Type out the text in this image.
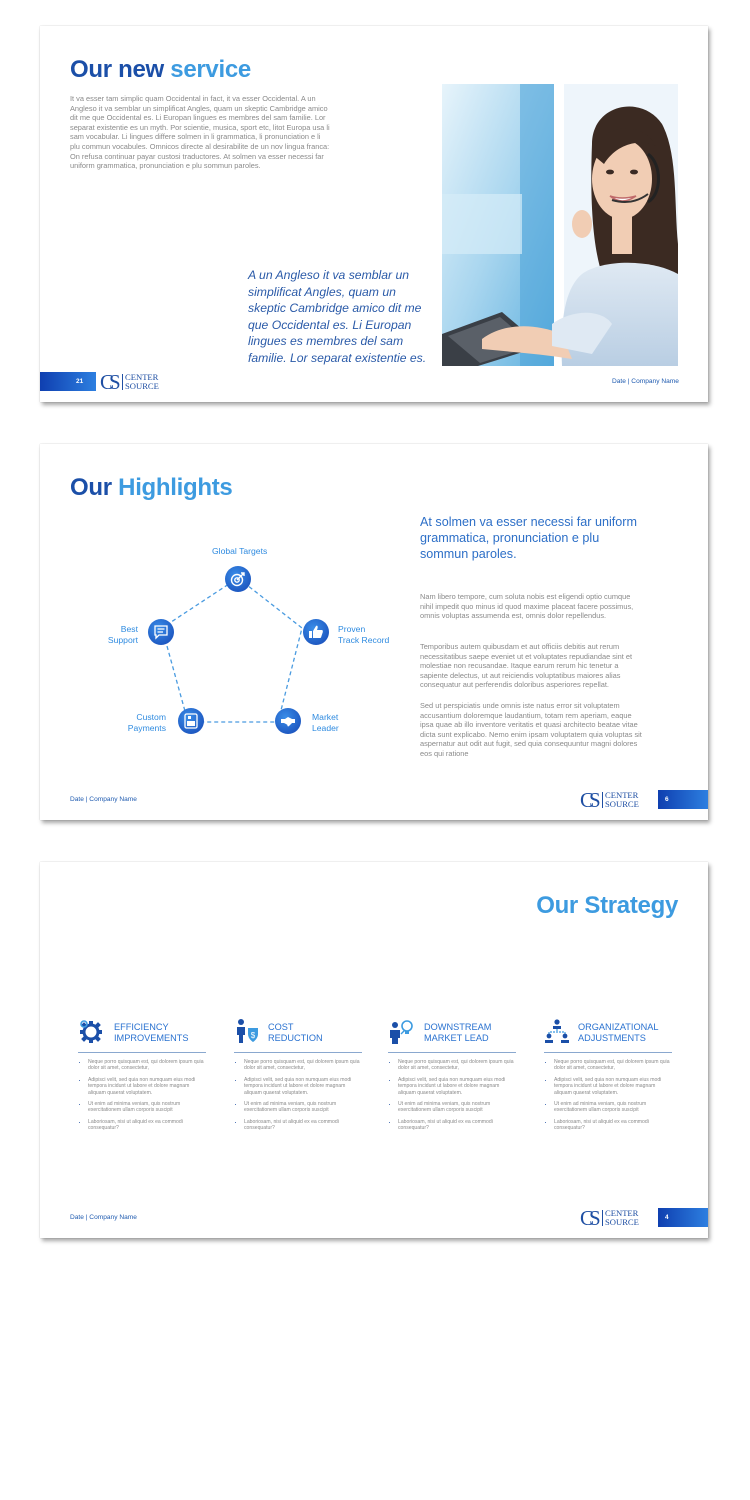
Our new service

It va esser tam simplic quam Occidental in fact, it va esser Occidental. A un Angleso it va semblar un simplificat Angles, quam un skeptic Cambridge amico dit me que Occidental es. Li Europan lingues es membres del sam familie. Lor separat existentie es un myth. Por scientie, musica, sport etc, litot Europa usa li sam vocabular. Li lingues differe solmen in li grammatica, li pronunciation e li plu commun vocabules. Omnicos directe al desirabilite de un nov lingua franca: On refusa continuar payar custosi traductores. At solmen va esser necessi far uniform grammatica, pronunciation e plu sommun paroles.

A un Angleso it va semblar un simplificat Angles, quam un skeptic Cambridge amico dit me que Occidental es. Li Europan lingues es membres del sam familie. Lor separat existentie es.

21 CS CENTER
SOURCE	Date | Company Name
Our Highlights
Global Targets
Proven
Track Record
Market
Leader
Custom
Payments
Best
Support

At solmen va esser necessi far uniform grammatica, pronunciation e plu sommun paroles.

Nam libero tempore, cum soluta nobis est eligendi optio cumque nihil impedit quo minus id quod maxime placeat facere possimus, omnis voluptas assumenda est, omnis dolor repellendus.

Temporibus autem quibusdam et aut officiis debitis aut rerum necessitatibus saepe eveniet ut et voluptates repudiandae sint et molestiae non recusandae. Itaque earum rerum hic tenetur a sapiente delectus, ut aut reiciendis voluptatibus maiores alias consequatur aut perferendis doloribus asperiores repellat.

Sed ut perspiciatis unde omnis iste natus error sit voluptatem accusantium doloremque laudantium, totam rem aperiam, eaque ipsa quae ab illo inventore veritatis et quasi architecto beatae vitae dicta sunt explicabo. Nemo enim ipsam voluptatem quia voluptas sit aspernatur aut odit aut fugit, sed quia consequuntur magni dolores eos qui ratione

Date | Company Name	CS CENTER
SOURCE	6
Our Strategy
EFFICIENCY
IMPROVEMENTS
• Neque porro quisquam est, qui dolorem ipsum quia dolor sit amet, consectetur,
• Adipisci velit, sed quia non numquam eius modi tempora incidunt ut labore et dolore magnam aliquam quaerat voluptatem.
• Ut enim ad minima veniam, quis nostrum exercitationem ullam corporis suscipit
• Laboriosam, nisi ut aliquid ex ea commodi consequatur?
$
COST
REDUCTION
• Neque porro quisquam est, qui dolorem ipsum quia dolor sit amet, consectetur,
• Adipisci velit, sed quia non numquam eius modi tempora incidunt ut labore et dolore magnam aliquam quaerat voluptatem.
• Ut enim ad minima veniam, quis nostrum exercitationem ullam corporis suscipit
• Laboriosam, nisi ut aliquid ex ea commodi consequatur?
DOWNSTREAM
MARKET LEAD
• Neque porro quisquam est, qui dolorem ipsum quia dolor sit amet, consectetur,
• Adipisci velit, sed quia non numquam eius modi tempora incidunt ut labore et dolore magnam aliquam quaerat voluptatem.
• Ut enim ad minima veniam, quis nostrum exercitationem ullam corporis suscipit
• Laboriosam, nisi ut aliquid ex ea commodi consequatur?
ORGANIZATIONAL
ADJUSTMENTS
• Neque porro quisquam est, qui dolorem ipsum quia dolor sit amet, consectetur,
• Adipisci velit, sed quia non numquam eius modi tempora incidunt ut labore et dolore magnam aliquam quaerat voluptatem.
• Ut enim ad minima veniam, quis nostrum exercitationem ullam corporis suscipit
• Laboriosam, nisi ut aliquid ex ea commodi consequatur?
Date | Company Name	CS CENTER
SOURCE	4
